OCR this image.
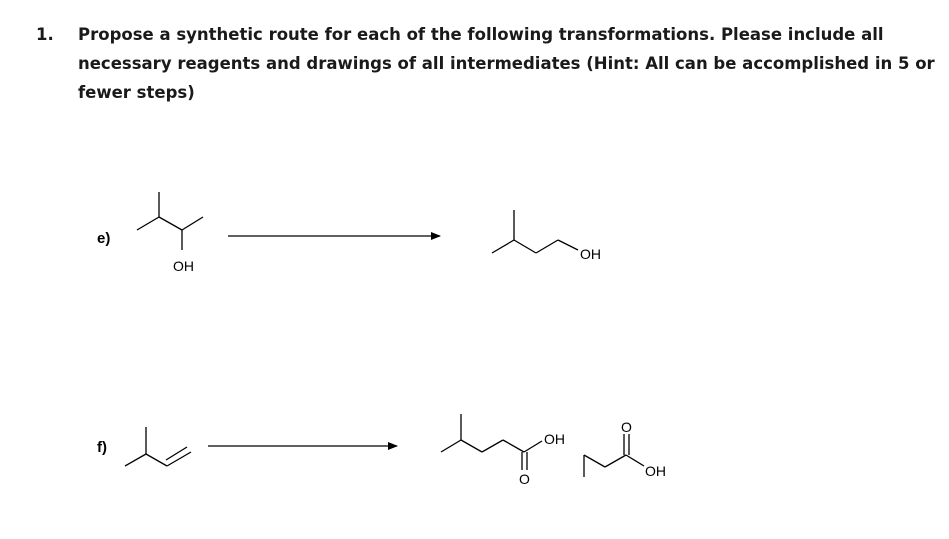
1. Propose a synthetic route for each of the following transformations. Please include all necessary reagents and drawings of all intermediates (Hint: All can be accomplished in 5 or fewer steps)
e)
OH
OH
f)	OH
O
O
OH
